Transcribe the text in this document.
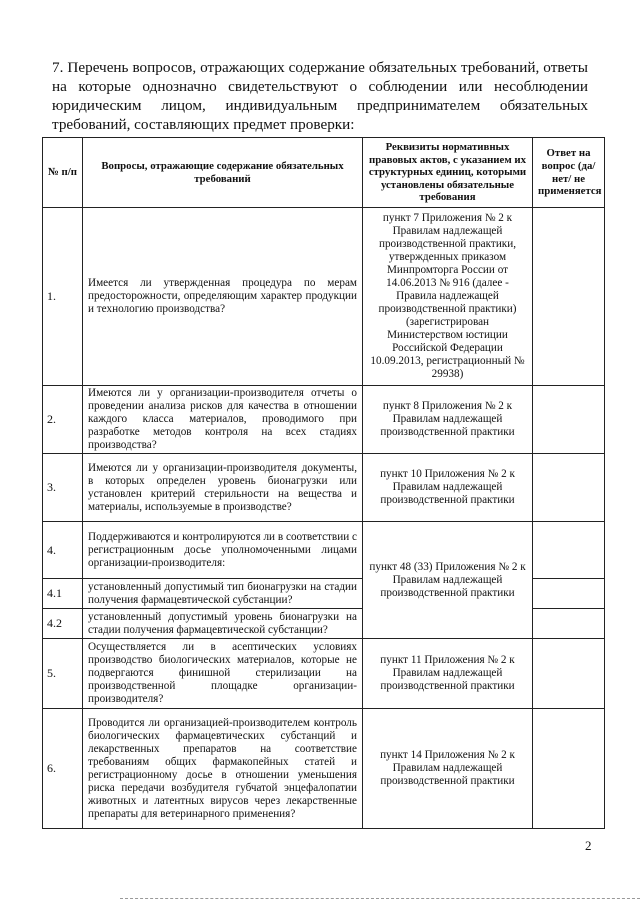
7. Перечень вопросов, отражающих содержание обязательных требований, ответы на которые однозначно свидетельствуют о соблюдении или несоблюдении юридическим лицом, индивидуальным предпринимателем обязательных требований, составляющих предмет проверки:

№ п/п	Вопросы, отражающие содержание обязательных требований	Реквизиты нормативных правовых актов, с указанием их структурных единиц, которыми установлены обязательные требования	Ответ на вопрос (да/нет/ не применяется
1.	Имеется ли утвержденная процедура по мерам предосторожности, определяющим характер продукции и технологию производства?	пункт 7 Приложения № 2 к Правилам надлежащей производственной практики, утвержденных приказом Минпромторга России от 14.06.2013 № 916 (далее - Правила надлежащей производственной практики) (зарегистрирован Министерством юстиции Российской Федерации 10.09.2013, регистрационный № 29938)	
2.	Имеются ли у организации-производителя отчеты о проведении анализа рисков для качества в отношении каждого класса материалов, проводимого при разработке методов контроля на всех стадиях производства?	пункт 8 Приложения № 2 к Правилам надлежащей производственной практики	
3.	Имеются ли у организации-производителя документы, в которых определен уровень бионагрузки или установлен критерий стерильности на вещества и материалы, используемые в производстве?	пункт 10 Приложения № 2 к Правилам надлежащей производственной практики	
4.	Поддерживаются и контролируются ли в соответствии с регистрационным досье уполномоченными лицами организации-производителя:	пункт 48 (33) Приложения № 2 к Правилам надлежащей производственной практики	
4.1	установленный допустимый тип бионагрузки на стадии получения фармацевтической субстанции?		
4.2	установленный допустимый уровень бионагрузки на стадии получения фармацевтической субстанции?		
5.	Осуществляется ли в асептических условиях производство биологических материалов, которые не подвергаются финишной стерилизации на производственной площадке организации-производителя?	пункт 11 Приложения № 2 к Правилам надлежащей производственной практики	
6.	Проводится ли организацией-производителем контроль биологических фармацевтических субстанций и лекарственных препаратов на соответствие требованиям общих фармакопейных статей и регистрационному досье в отношении уменьшения риска передачи возбудителя губчатой энцефалопатии животных и латентных вирусов через лекарственные препараты для ветеринарного применения?	пункт 14 Приложения № 2 к Правилам надлежащей производственной практики	
2
